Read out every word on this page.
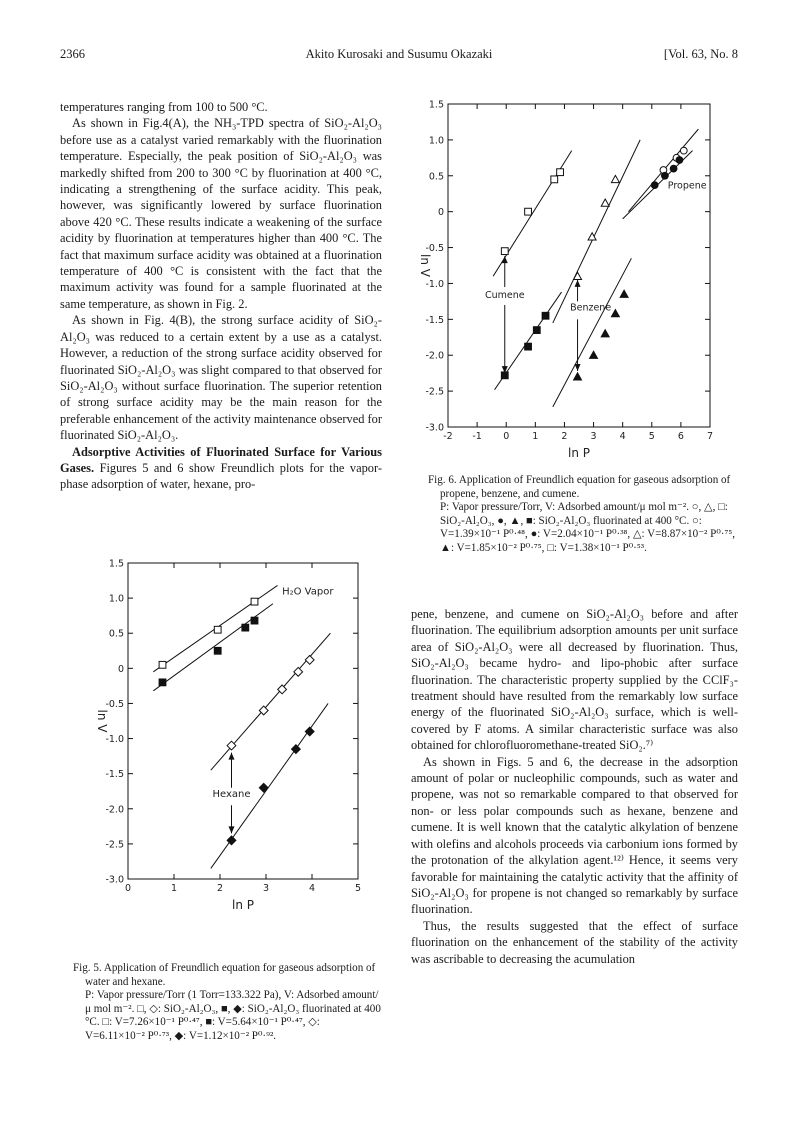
2366	Akito Kurosaki and Susumu Okazaki	[Vol. 63, No. 8

temperatures ranging from 100 to 500 °C.

As shown in Fig.4(A), the NH₃-TPD spectra of SiO₂-Al₂O₃ before use as a catalyst varied remarkably with the fluorination temperature. Especially, the peak position of SiO₂-Al₂O₃ was markedly shifted from 200 to 300 °C by fluorination at 400 °C, indicating a strengthening of the surface acidity. This peak, however, was significantly lowered by surface fluorination above 420 °C. These results indicate a weakening of the surface acidity by fluorination at temperatures higher than 400 °C. The fact that maximum surface acidity was obtained at a fluorination temperature of 400 °C is consistent with the fact that the maximum activity was found for a sample fluorinated at the same temperature, as shown in Fig. 2.

As shown in Fig. 4(B), the strong surface acidity of SiO₂-Al₂O₃ was reduced to a certain extent by a use as a catalyst. However, a reduction of the strong surface acidity observed for fluorinated SiO₂-Al₂O₃ was slight compared to that observed for SiO₂-Al₂O₃ without surface fluorination. The superior retention of strong surface acidity may be the main reason for the preferable enhancement of the activity maintenance observed for fluorinated SiO₂-Al₂O₃.

Adsorptive Activities of Fluorinated Surface for Various Gases. Figures 5 and 6 show Freundlich plots for the vapor-phase adsorption of water, hexane, pro-

1.5
1.0
0.5
0
-0.5
-1.0
-1.5
-2.0
-2.5
-3.0
-2 -1 0 1 2 3 4 5 6 7
ln P
ln V
Propene
Cumene
Benzene

Fig. 6. Application of Freundlich equation for gaseous adsorption of propene, benzene, and cumene.

P: Vapor pressure/Torr, V: Adsorbed amount/μ mol m⁻². ○, △, □: SiO₂-Al₂O₃, ●, ▲, ■: SiO₂-Al₂O₃ fluorinated at 400 °C. ○: V=1.39×10⁻¹ P⁰·⁴⁸, ●: V=2.04×10⁻¹ P⁰·³⁸, △: V=8.87×10⁻² P⁰·⁷⁵, ▲: V=1.85×10⁻² P⁰·⁷⁵, □: V=1.38×10⁻¹ P⁰·⁵³.

1.5
1.0
0.5
0
-0.5
-1.0
-1.5
-2.0
-2.5
-3.0
0	1	2	3	4	5
ln P
ln V
H₂O Vapor
Hexane

Fig. 5. Application of Freundlich equation for gaseous adsorption of water and hexane.

P: Vapor pressure/Torr (1 Torr=133.322 Pa), V: Adsorbed amount/μ mol m⁻². □, ◇: SiO₂-Al₂O₃, ■, ◆: SiO₂-Al₂O₃ fluorinated at 400 °C. □: V=7.26×10⁻¹ P⁰·⁴⁷, ■: V=5.64×10⁻¹ P⁰·⁴⁷, ◇: V=6.11×10⁻² P⁰·⁷³, ◆: V=1.12×10⁻² P⁰·⁹².

pene, benzene, and cumene on SiO₂-Al₂O₃ before and after fluorination. The equilibrium adsorption amounts per unit surface area of SiO₂-Al₂O₃ were all decreased by fluorination. Thus, SiO₂-Al₂O₃ became hydro- and lipo-phobic after surface fluorination. The characteristic property supplied by the CClF₃-treatment should have resulted from the remarkably low surface energy of the fluorinated SiO₂-Al₂O₃ surface, which is well-covered by F atoms. A similar characteristic surface was also obtained for chlorofluoromethane-treated SiO₂.⁷⁾

As shown in Figs. 5 and 6, the decrease in the adsorption amount of polar or nucleophilic compounds, such as water and propene, was not so remarkable compared to that observed for non- or less polar compounds such as hexane, benzene and cumene. It is well known that the catalytic alkylation of benzene with olefins and alcohols proceeds via carbonium ions formed by the protonation of the alkylation agent.¹²⁾ Hence, it seems very favorable for maintaining the catalytic activity that the affinity of SiO₂-Al₂O₃ for propene is not changed so remarkably by surface fluorination.

Thus, the results suggested that the effect of surface fluorination on the enhancement of the stability of the activity was ascribable to decreasing the acumulation
